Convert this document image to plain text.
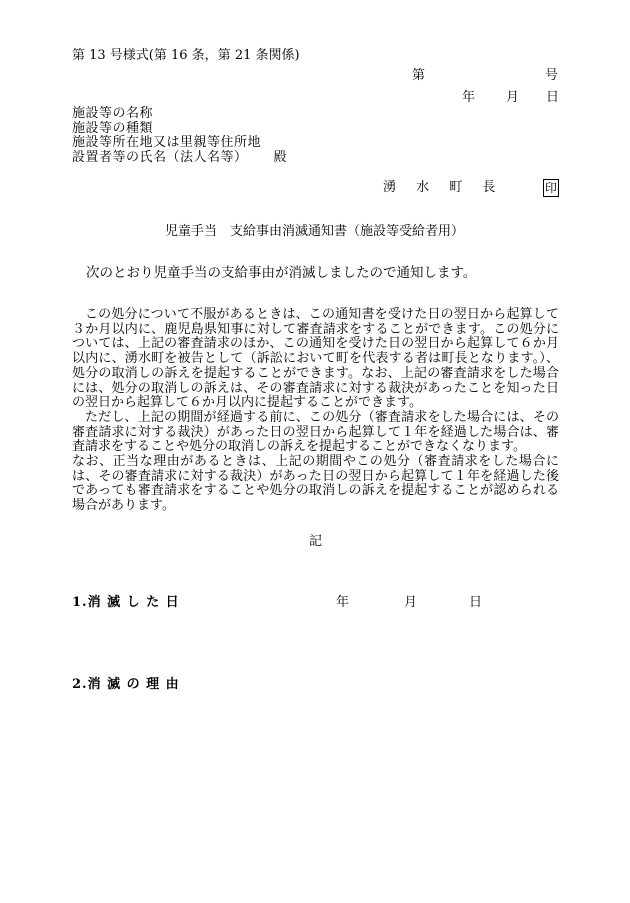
第 13 号様式(第 16 条，第 21 条関係)
第	号
年 月 日
施設等の名称
施設等の種類
施設等所在地又は里親等住所地
設置者等の氏名（法人名等） 殿
湧 水 町 長	印
児童手当 支給事由消滅通知書（施設等受給者用）
次のとおり児童手当の支給事由が消滅しましたので通知します。

この処分について不服があるときは、この通知書を受けた日の翌日から起算して３か月以内に、鹿児島県知事に対して審査請求をすることができます。この処分については、上記の審査請求のほか、この通知を受けた日の翌日から起算して６か月以内に、湧水町を被告として（訴訟において町を代表する者は町長となります。）、処分の取消しの訴えを提起することができます。なお、上記の審査請求をした場合には、処分の取消しの訴えは、その審査請求に対する裁決があったことを知った日の翌日から起算して６か月以内に提起することができます。

ただし、上記の期間が経過する前に、この処分（審査請求をした場合には、その審査請求に対する裁決）があった日の翌日から起算して１年を経過した場合は、審査請求をすることや処分の取消しの訴えを提起することができなくなります。

なお、正当な理由があるときは、上記の期間やこの処分（審査請求をした場合には、その審査請求に対する裁決）があった日の翌日から起算して１年を経過した後であっても審査請求をすることや処分の取消しの訴えを提起することが認められる場合があります。

記
1.消 滅 し た 日	年	月	日
2.消 滅 の 理 由
